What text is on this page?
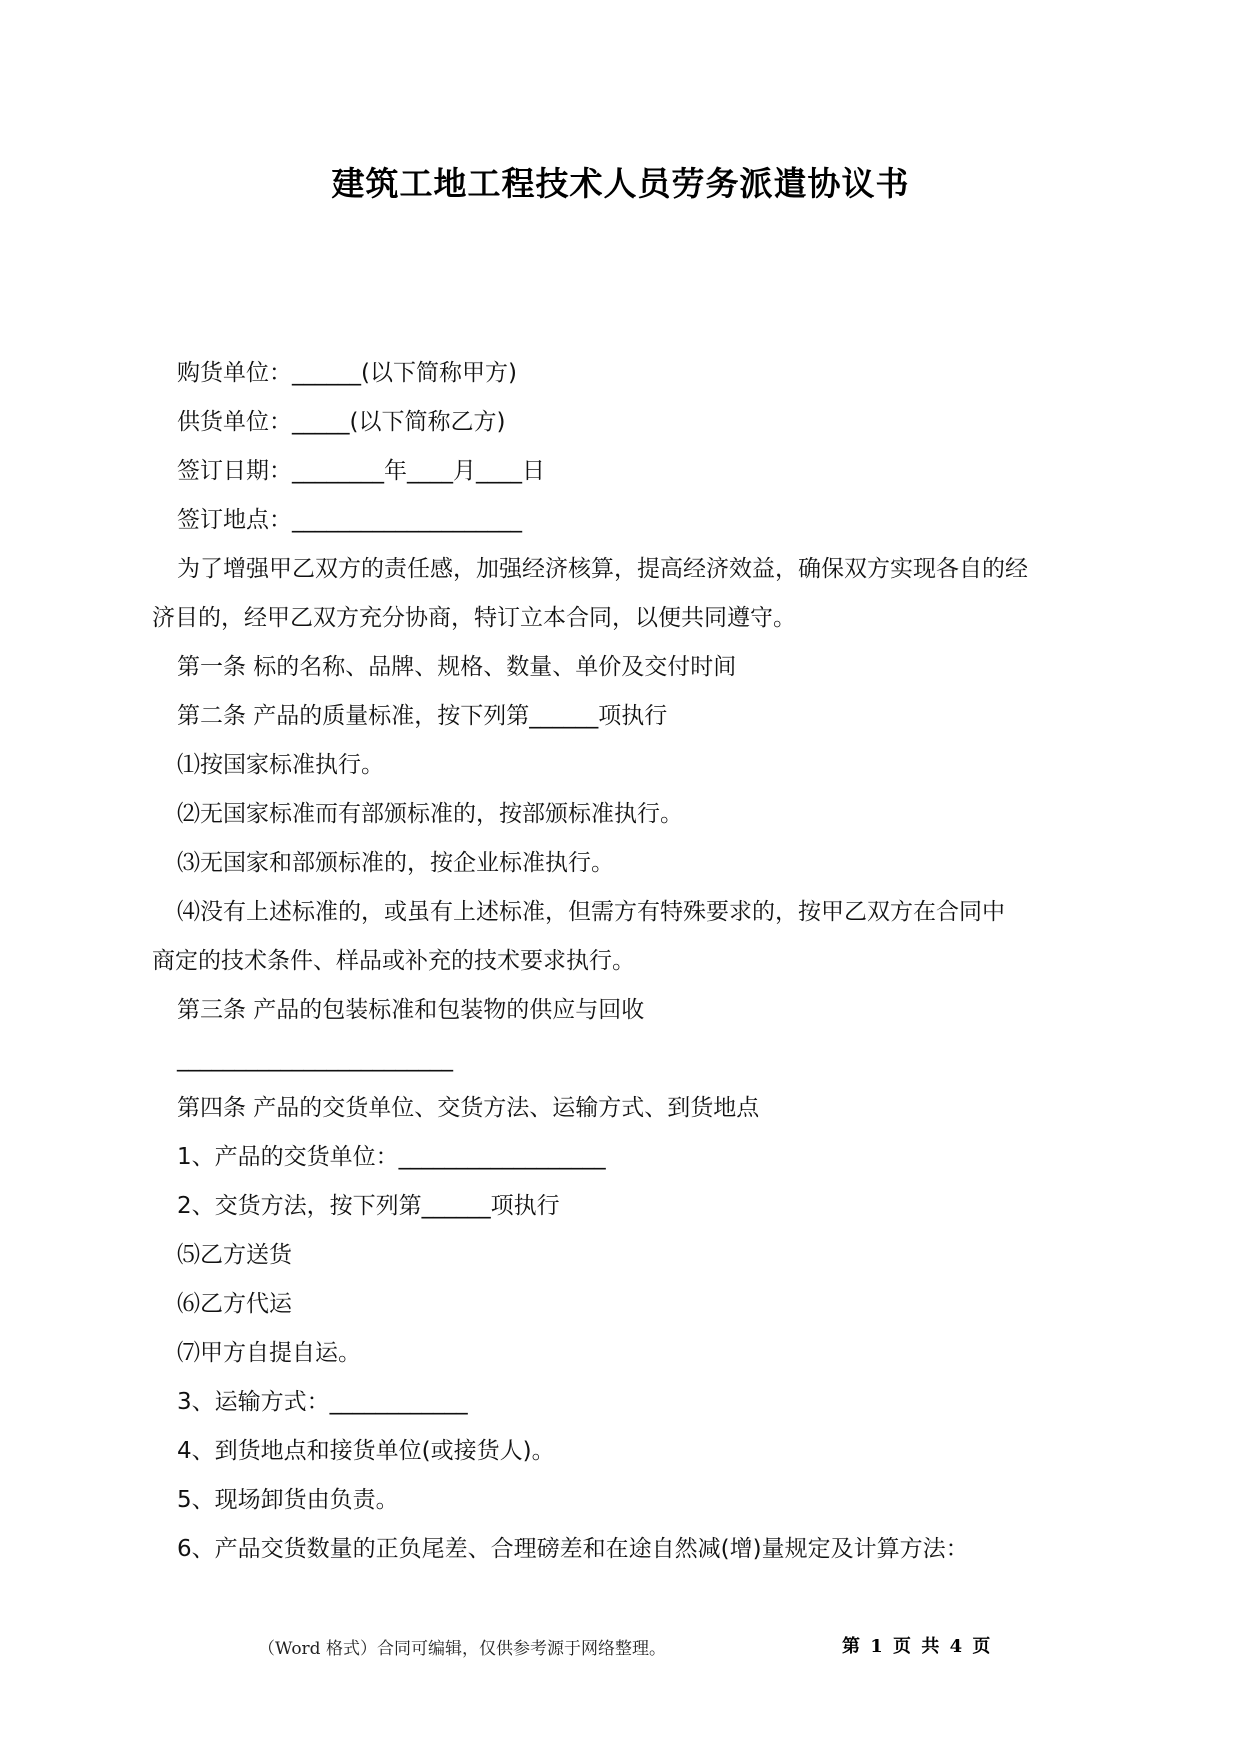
建筑工地工程技术人员劳务派遣协议书
购货单位：______(以下简称甲方)
供货单位：_____(以下简称乙方)
签订日期：________年____月____日
签订地点：____________________
为了增强甲乙双方的责任感，加强经济核算，提高经济效益，确保双方实现各自的经
济目的，经甲乙双方充分协商，特订立本合同，以便共同遵守。
第一条 标的名称、品牌、规格、数量、单价及交付时间
第二条 产品的质量标准，按下列第______项执行
⑴按国家标准执行。
⑵无国家标准而有部颁标准的，按部颁标准执行。
⑶无国家和部颁标准的，按企业标准执行。
⑷没有上述标准的，或虽有上述标准，但需方有特殊要求的，按甲乙双方在合同中
商定的技术条件、样品或补充的技术要求执行。
第三条 产品的包装标准和包装物的供应与回收
________________________
第四条 产品的交货单位、交货方法、运输方式、到货地点
1、产品的交货单位：__________________
2、交货方法，按下列第______项执行
⑸乙方送货
⑹乙方代运
⑺甲方自提自运。
3、运输方式：____________
4、到货地点和接货单位(或接货人)。
5、现场卸货由负责。
6、产品交货数量的正负尾差、合理磅差和在途自然减(增)量规定及计算方法：
（Word 格式）合同可编辑，仅供参考源于网络整理。	第 1 页 共 4 页
